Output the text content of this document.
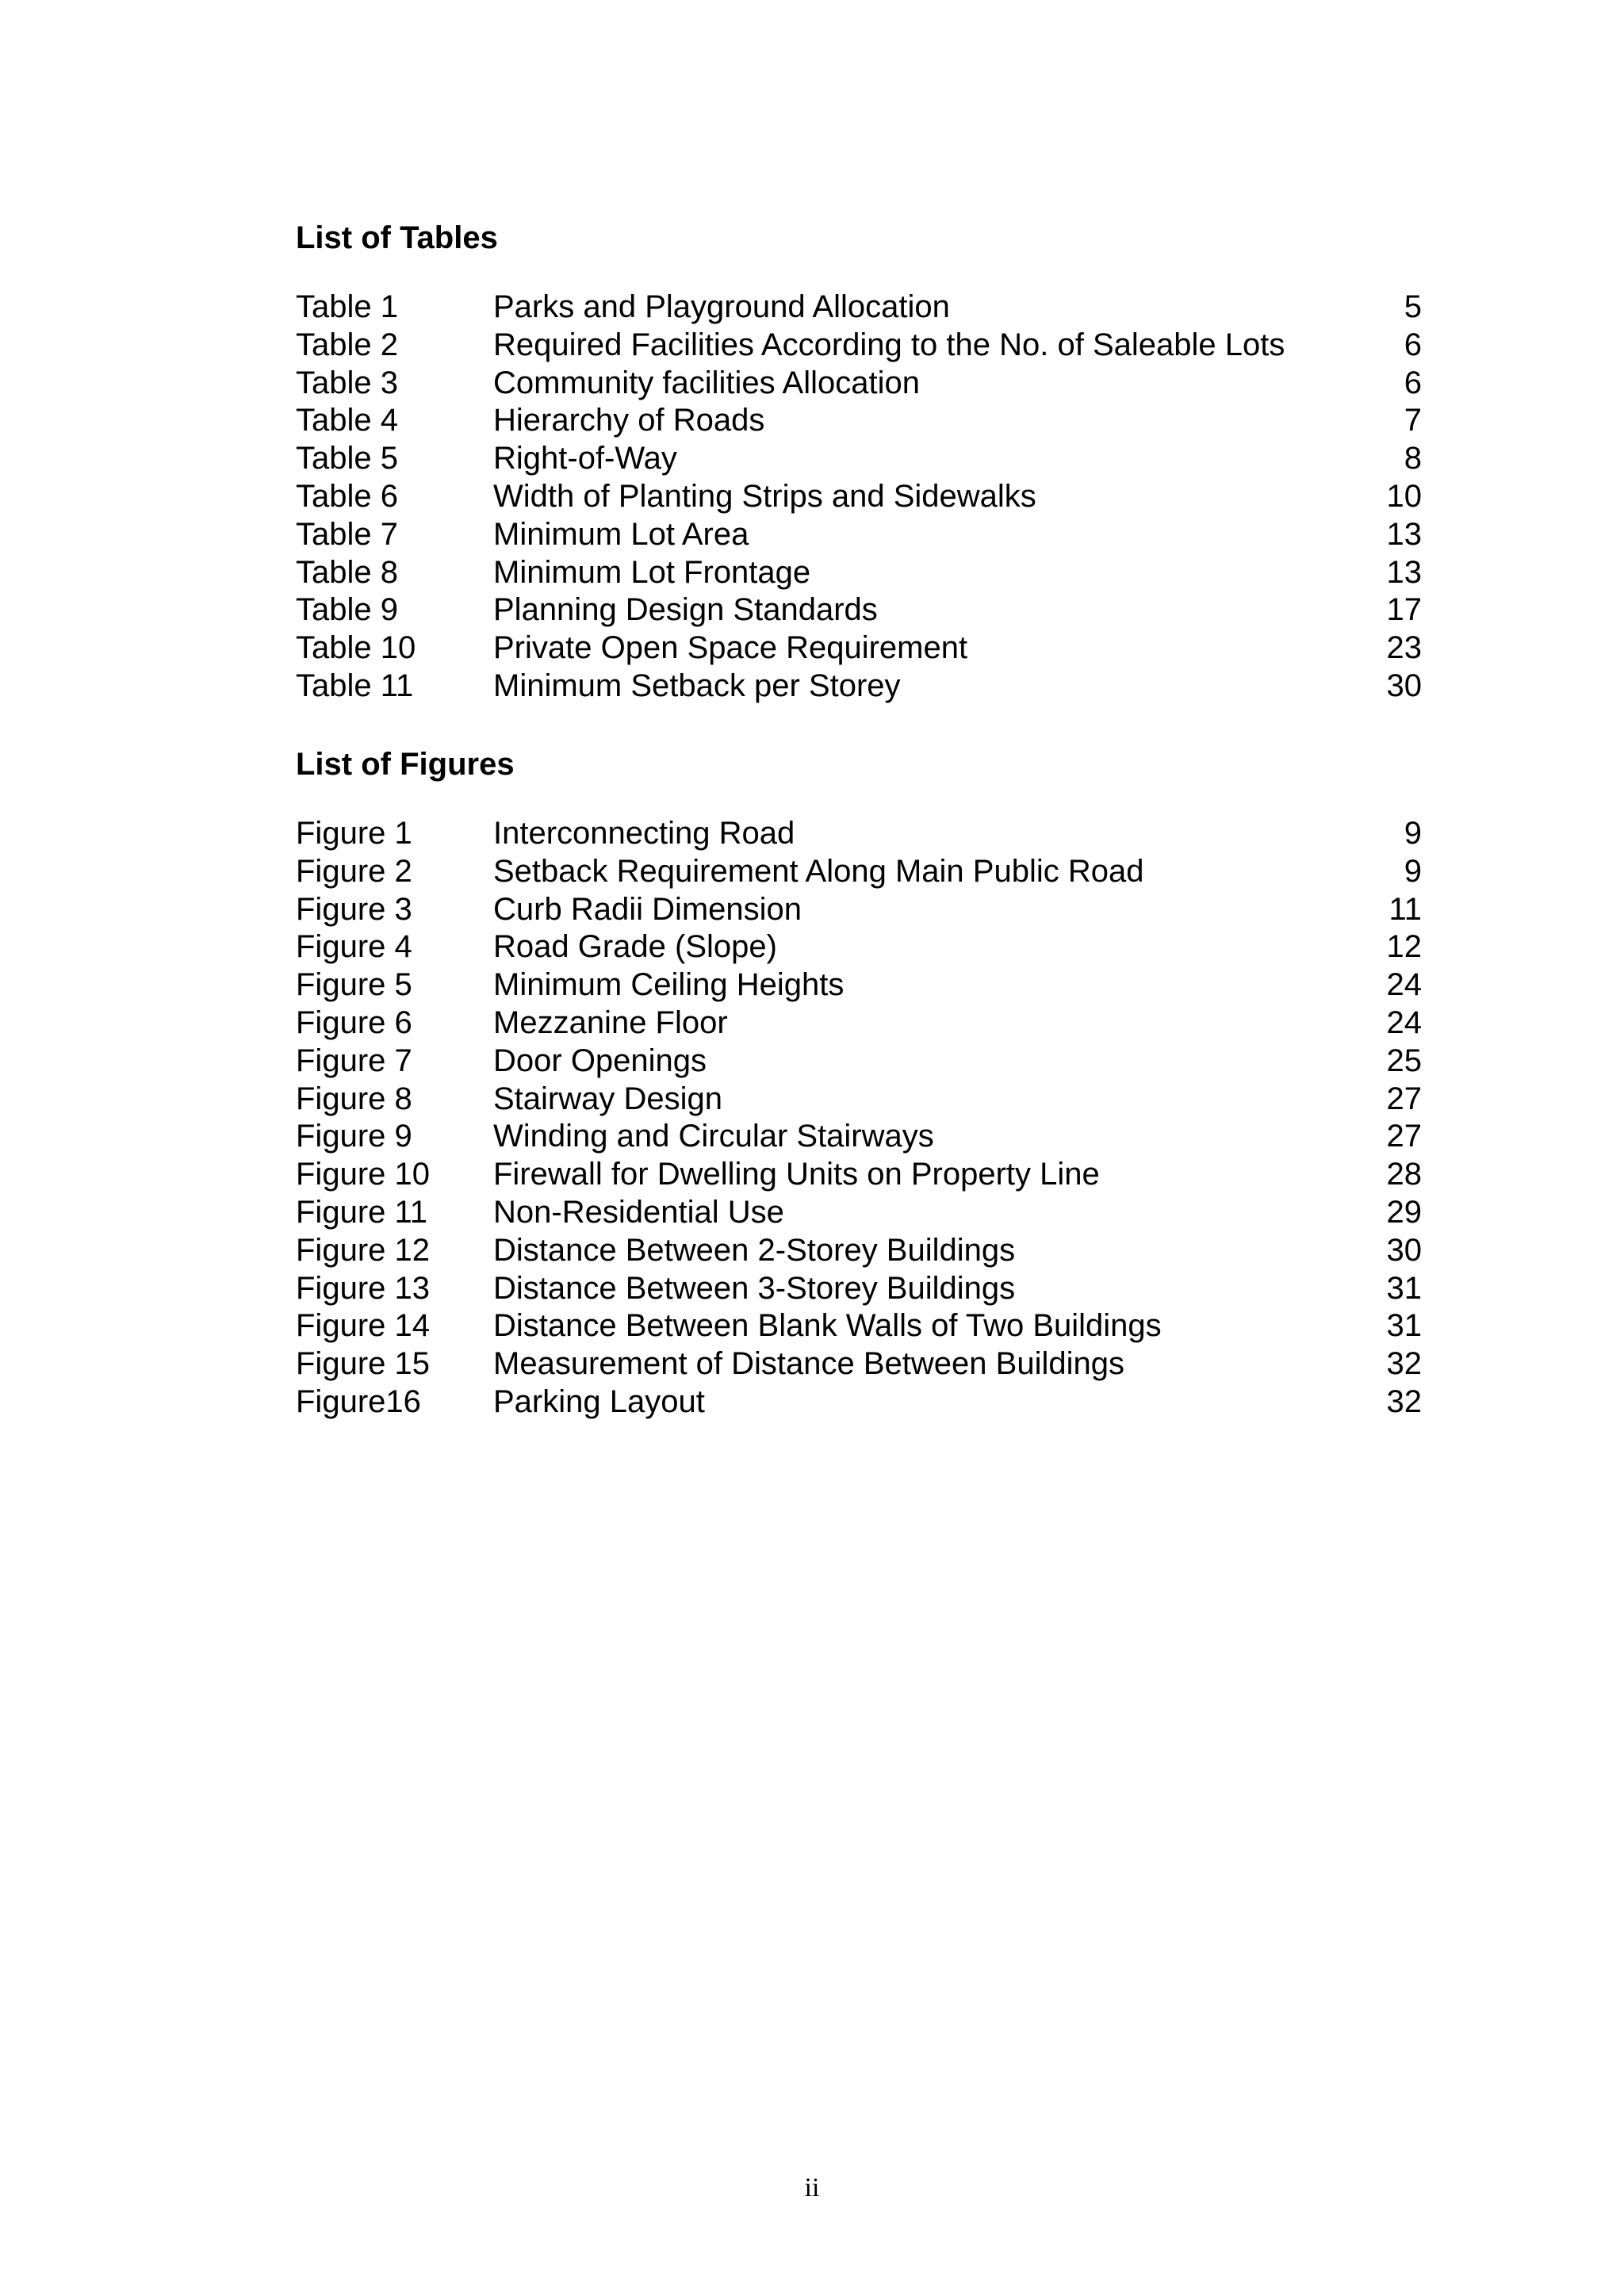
List of Tables
Table 1	Parks and Playground Allocation	5
Table 2	Required Facilities According to the No. of Saleable Lots	6
Table 3	Community facilities Allocation	6
Table 4	Hierarchy of Roads	7
Table 5	Right-of-Way	8
Table 6	Width of Planting Strips and Sidewalks	10
Table 7	Minimum Lot Area	13
Table 8	Minimum Lot Frontage	13
Table 9	Planning Design Standards	17
Table 10	Private Open Space Requirement	23
Table 11	Minimum Setback per Storey	30
List of Figures
Figure 1	Interconnecting Road	9
Figure 2	Setback Requirement Along Main Public Road	9
Figure 3	Curb Radii Dimension	11
Figure 4	Road Grade (Slope)	12
Figure 5	Minimum Ceiling Heights	24
Figure 6	Mezzanine Floor	24
Figure 7	Door Openings	25
Figure 8	Stairway Design	27
Figure 9	Winding and Circular Stairways	27
Figure 10	Firewall for Dwelling Units on Property Line	28
Figure 11	Non-Residential Use	29
Figure 12	Distance Between 2-Storey Buildings	30
Figure 13	Distance Between 3-Storey Buildings	31
Figure 14	Distance Between Blank Walls of Two Buildings	31
Figure 15	Measurement of Distance Between Buildings	32
Figure16	Parking Layout	32
ii
